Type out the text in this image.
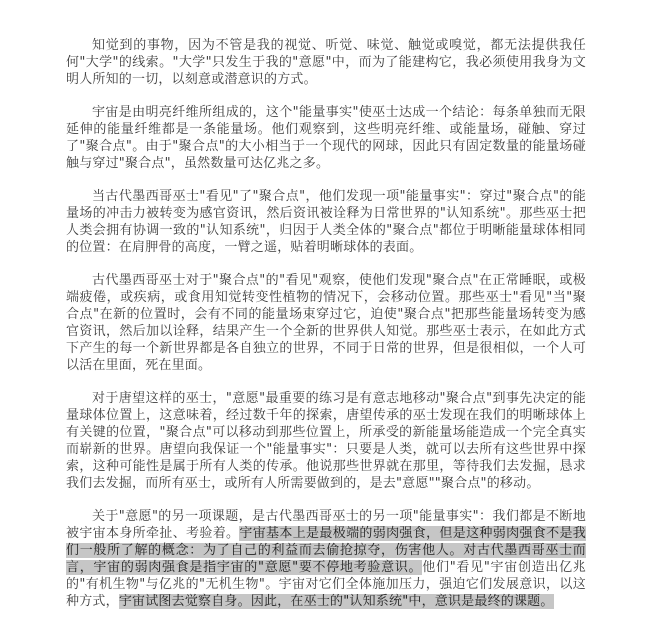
知觉到的事物，因为不管是我的视觉、听觉、味觉、触觉或嗅觉，都无法提供我任何"大学"的线索。"大学"只发生于我的"意愿"中，而为了能建构它，我必须使用我身为文明人所知的一切，以刻意或潜意识的方式。

宇宙是由明亮纤维所组成的，这个"能量事实"使巫士达成一个结论：每条单独而无限延伸的能量纤维都是一条能量场。他们观察到，这些明亮纤维、或能量场，碰触、穿过了"聚合点"。由于"聚合点"的大小相当于一个现代的网球，因此只有固定数量的能量场碰触与穿过"聚合点"，虽然数量可达亿兆之多。

当古代墨西哥巫士"看见"了"聚合点"，他们发现一项"能量事实"：穿过"聚合点"的能量场的冲击力被转变为感官资讯，然后资讯被诠释为日常世界的"认知系统"。那些巫士把人类会拥有协调一致的"认知系统"，归因于人类全体的"聚合点"都位于明晰能量球体相同的位置：在肩胛骨的高度，一臂之遥，贴着明晰球体的表面。

古代墨西哥巫士对于"聚合点"的"看见"观察，使他们发现"聚合点"在正常睡眠，或极端疲倦，或疾病，或食用知觉转变性植物的情况下，会移动位置。那些巫士"看见"当"聚合点"在新的位置时，会有不同的能量场束穿过它，迫使"聚合点"把那些能量场转变为感官资讯，然后加以诠释，结果产生一个全新的世界供人知觉。那些巫士表示，在如此方式下产生的每一个新世界都是各自独立的世界，不同于日常的世界，但是很相似，一个人可以活在里面，死在里面。

对于唐望这样的巫士，"意愿"最重要的练习是有意志地移动"聚合点"到事先决定的能量球体位置上，这意味着，经过数千年的探索，唐望传承的巫士发现在我们的明晰球体上有关键的位置，"聚合点"可以移动到那些位置上，所承受的新能量场能造成一个完全真实而崭新的世界。唐望向我保证一个"能量事实"：只要是人类，就可以去所有这些世界中探索，这种可能性是属于所有人类的传承。他说那些世界就在那里，等待我们去发掘，恳求我们去发掘，而所有巫士，或所有人所需要做到的，是去"意愿""聚合点"的移动。

关于"意愿"的另一项课题，是古代墨西哥巫士的另一项"能量事实"：我们都是不断地被宇宙本身所牵扯、考验着。宇宙基本上是最极端的弱肉强食，但是这种弱肉强食不是我们一般所了解的概念：为了自己的利益而去偷抢掠夺，伤害他人。对古代墨西哥巫士而言，宇宙的弱肉强食是指宇宙的"意愿"要不停地考验意识。他们"看见"宇宙创造出亿兆的"有机生物"与亿兆的"无机生物"。宇宙对它们全体施加压力，强迫它们发展意识，以这种方式，宇宙试图去觉察自身。因此，在巫士的"认知系统"中，意识是最终的课题。
